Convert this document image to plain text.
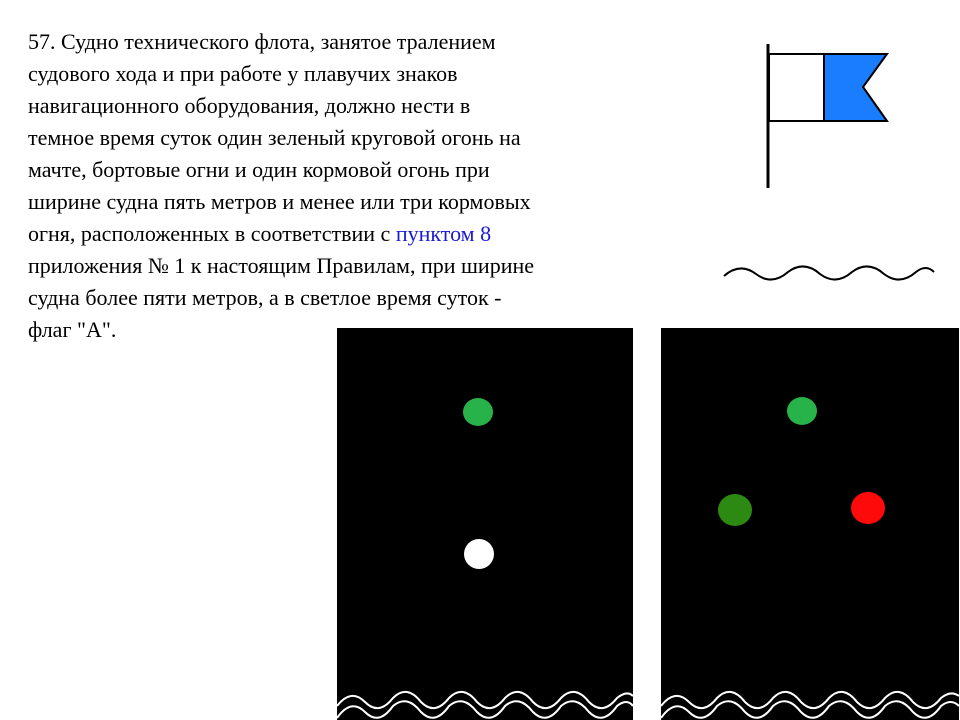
57. Судно технического флота, занятое тралением
судового хода и при работе у плавучих знаков
навигационного оборудования, должно нести в
темное время суток один зеленый круговой огонь на
мачте, бортовые огни и один кормовой огонь при
ширине судна пять метров и менее или три кормовых
огня, расположенных в соответствии с пунктом 8
приложения № 1 к настоящим Правилам, при ширине
судна более пяти метров, а в светлое время суток -
флаг "А".
